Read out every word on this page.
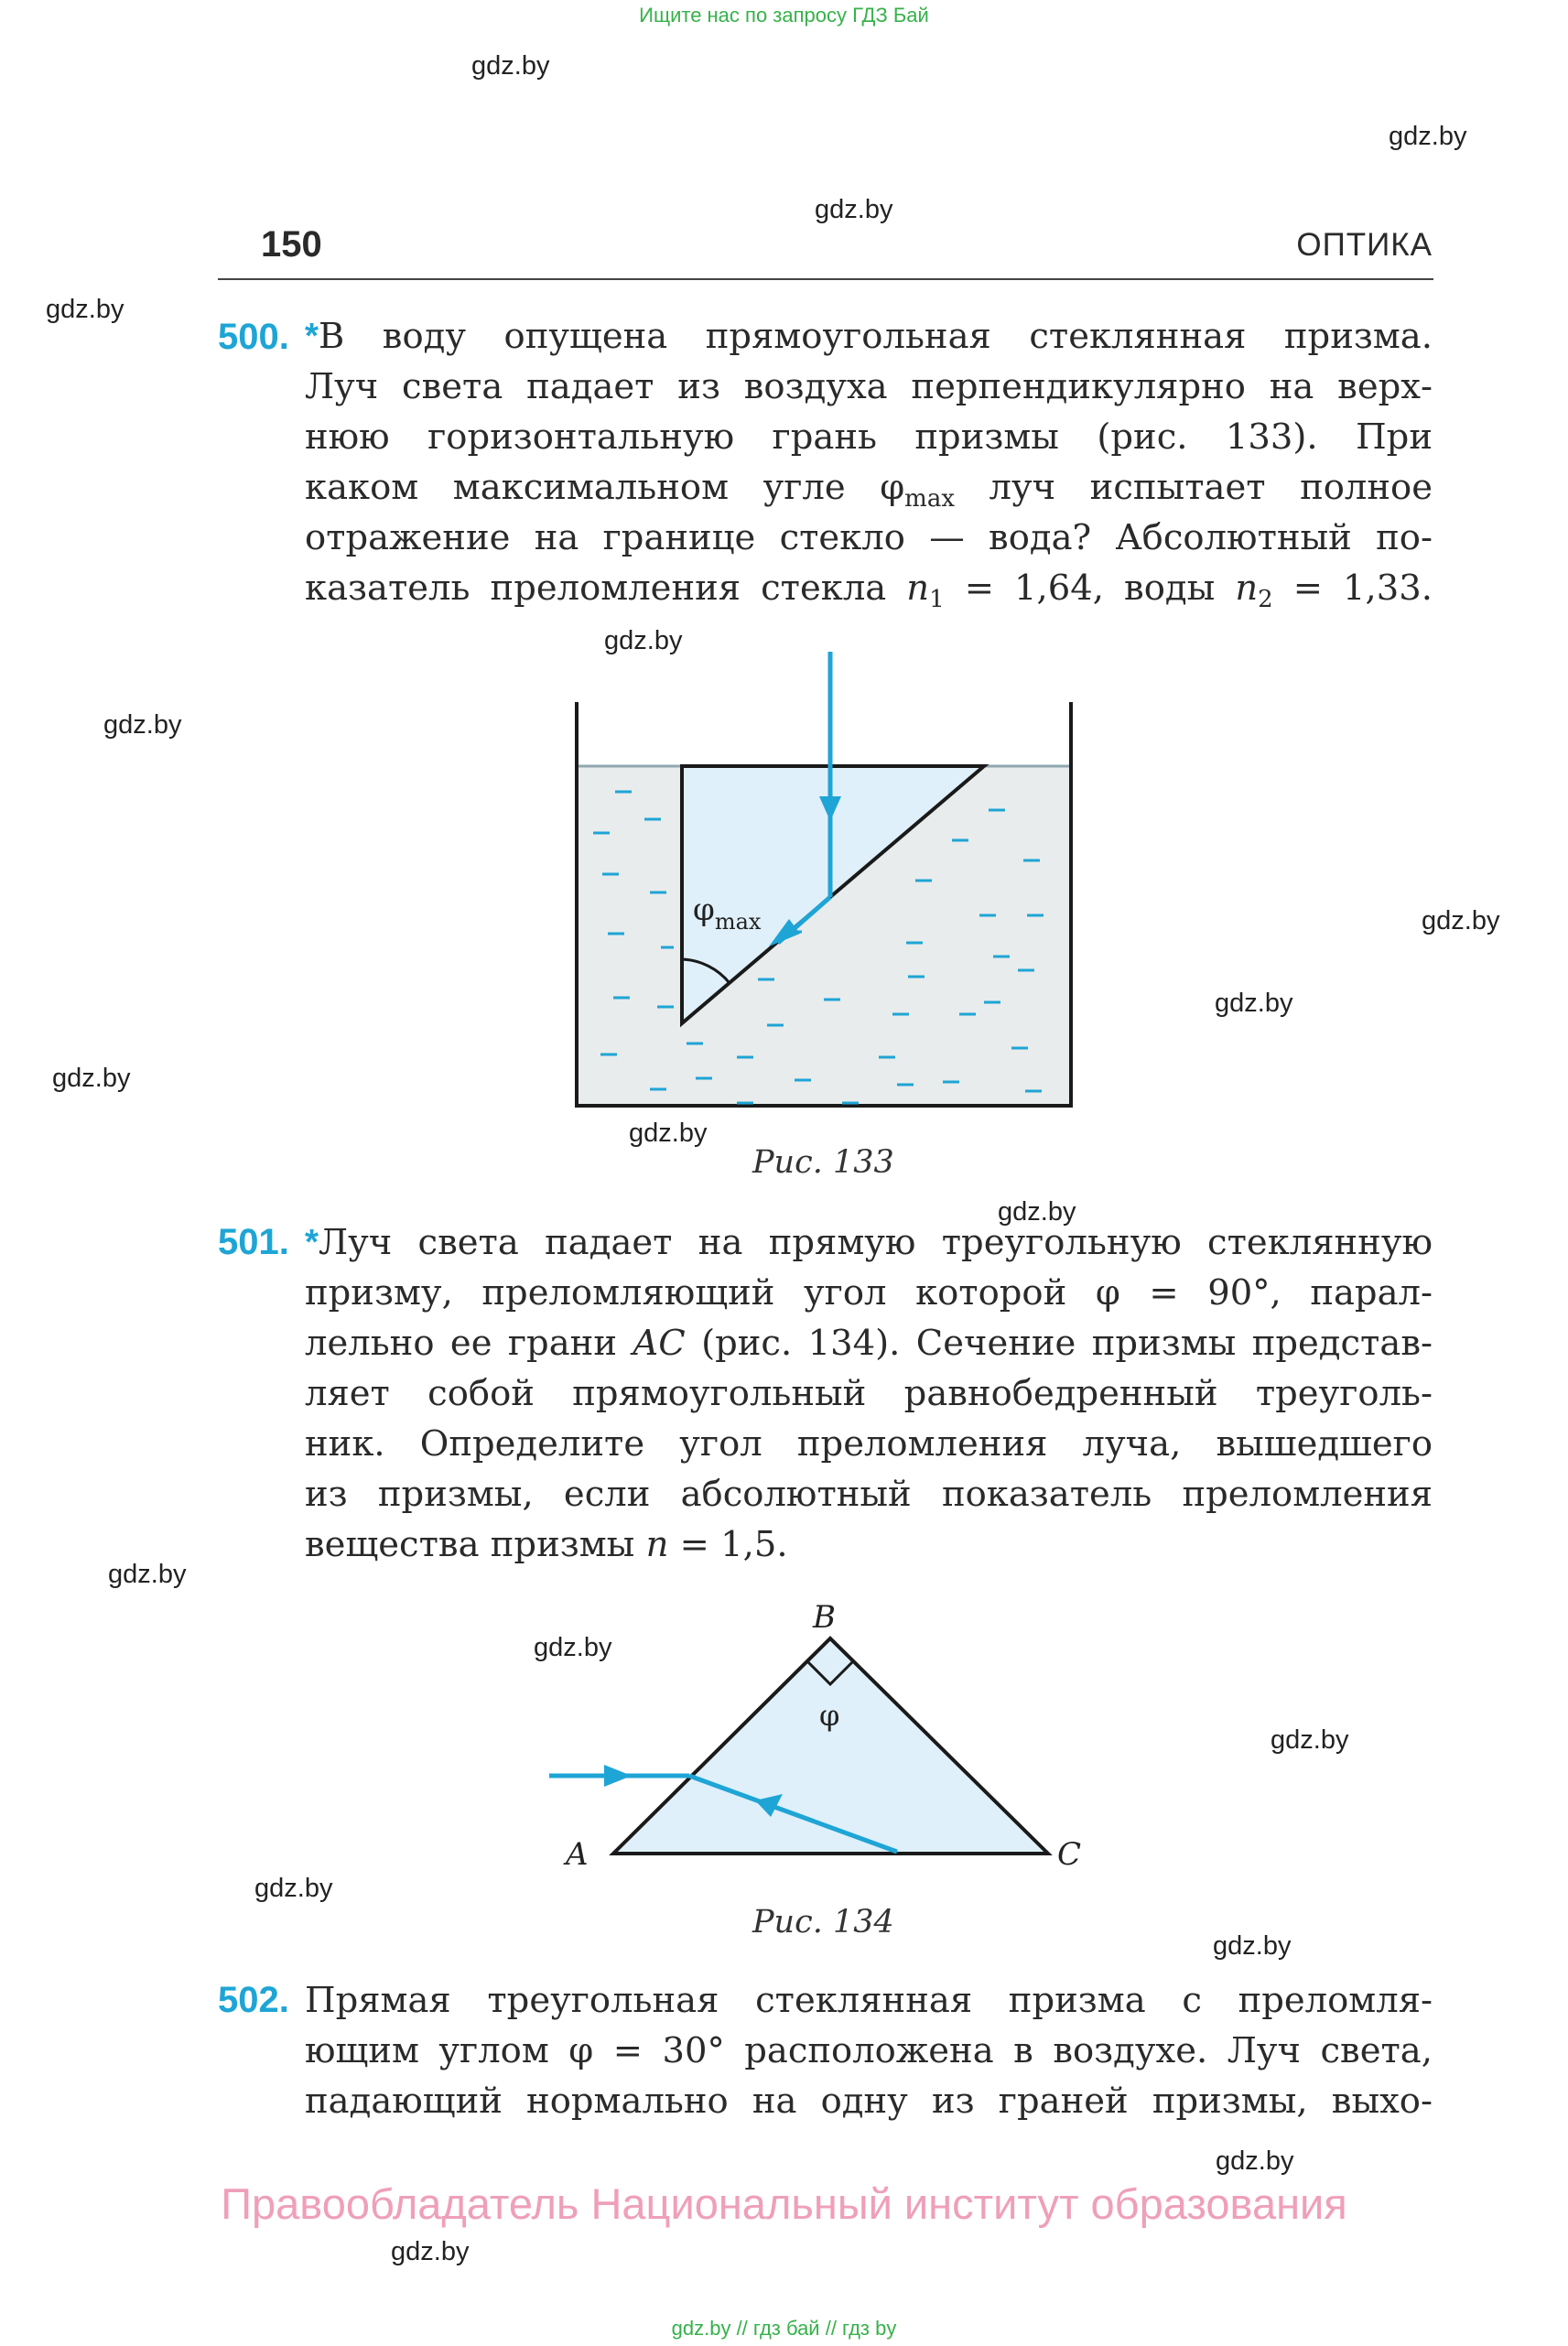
Ищите нас по запросу ГДЗ Бай
gdz.by
gdz.by
gdz.by
gdz.by
gdz.by
gdz.by
gdz.by
gdz.by
gdz.by
gdz.by
gdz.by
gdz.by
gdz.by
gdz.by
gdz.by
gdz.by
gdz.by
gdz.by
150	ОПТИКА
500. *В воду опущена прямоугольная стеклянная призма.
Луч света падает из воздуха перпендикулярно на верх-
нюю горизонтальную грань призмы (рис. 133). При
каком максимальном угле $\varphi_{max}$ луч испытает полное
отражение на границе стекло — вода? Абсолютный по-
казатель преломления стекла $n_1 = 1,64$, воды $n_2 = 1,33$.
$\varphi_{max}$
Рис. 133
501. *Луч света падает на прямую треугольную стеклянную
призму, преломляющий угол которой φ = 90°, парал-
лельно ее грани AC (рис. 134). Сечение призмы представ-
ляет собой прямоугольный равнобедренный треуголь-
ник. Определите угол преломления луча, вышедшего
из призмы, если абсолютный показатель преломления
вещества призмы n = 1,5.
B
A	C
φ
Рис. 134
502. Прямая треугольная стеклянная призма с преломля-
ющим углом φ = 30° расположена в воздухе. Луч света,
падающий нормально на одну из граней призмы, выхо-
Правообладатель Национальный институт образования
gdz.by // гдз бай // гдз by
